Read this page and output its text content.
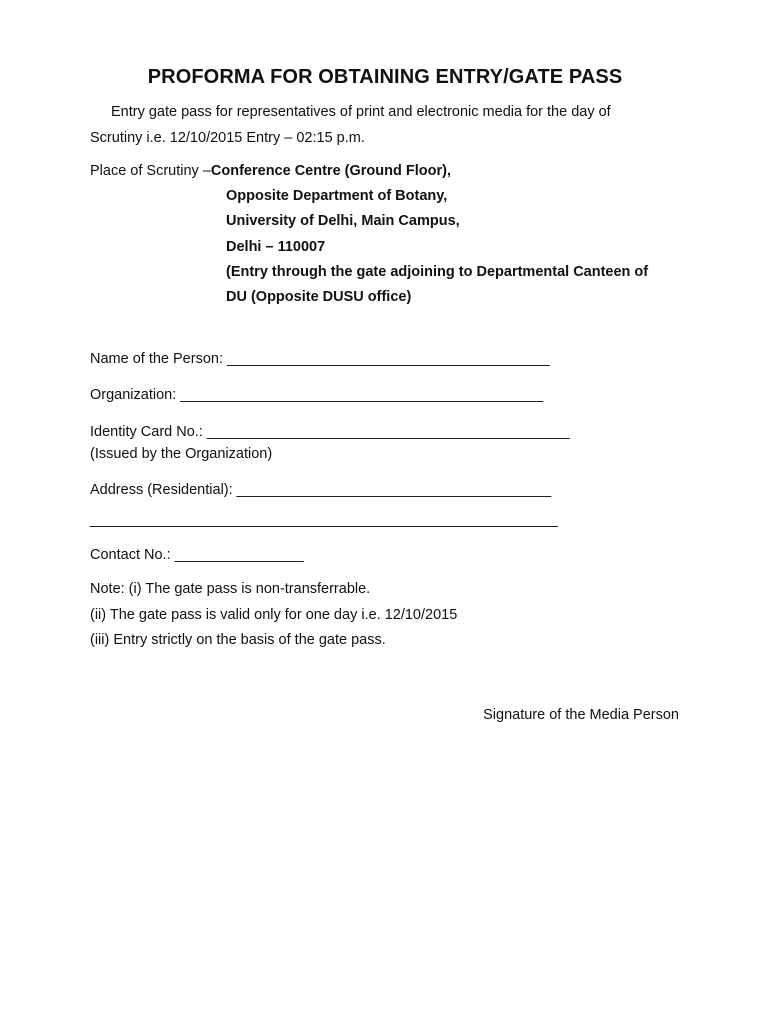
PROFORMA FOR OBTAINING ENTRY/GATE PASS
Entry gate pass for representatives of print and electronic media for the day of
Scrutiny i.e. 12/10/2015 Entry – 02:15 p.m.
Place of Scrutiny –Conference Centre (Ground Floor),
Opposite Department of Botany,
University of Delhi, Main Campus,
Delhi – 110007
(Entry through the gate adjoining to Departmental Canteen of
DU (Opposite DUSU office)
Name of the Person: ________________________________________
Organization: _____________________________________________
Identity Card No.: _____________________________________________
(Issued by the Organization)
Address (Residential): _______________________________________
__________________________________________________________
Contact No.: ________________
Note: (i) The gate pass is non-transferrable.
(ii) The gate pass is valid only for one day i.e. 12/10/2015
(iii) Entry strictly on the basis of the gate pass.
Signature of the Media Person
